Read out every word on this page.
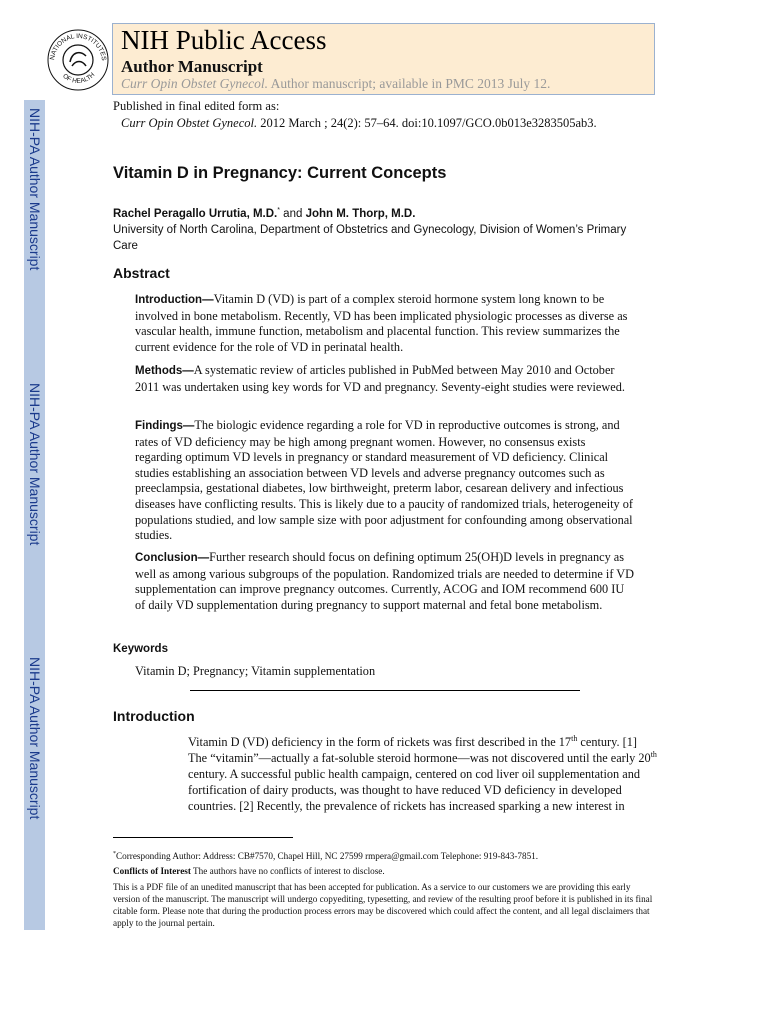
NIH-PA Author Manuscript
NIH-PA Author Manuscript
NIH-PA Author Manuscript
NATIONAL INSTITUTES
OF HEALTH
NIH Public Access
Author Manuscript
Curr Opin Obstet Gynecol. Author manuscript; available in PMC 2013 July 12.
Published in final edited form as:
Curr Opin Obstet Gynecol. 2012 March ; 24(2): 57–64. doi:10.1097/GCO.0b013e3283505ab3.
Vitamin D in Pregnancy: Current Concepts
Rachel Peragallo Urrutia, M.D.* and John M. Thorp, M.D.
University of North Carolina, Department of Obstetrics and Gynecology, Division of Women’s Primary Care
Abstract
Introduction—Vitamin D (VD) is part of a complex steroid hormone system long known to be involved in bone metabolism. Recently, VD has been implicated physiologic processes as diverse as vascular health, immune function, metabolism and placental function. This review summarizes the current evidence for the role of VD in perinatal health.
Methods—A systematic review of articles published in PubMed between May 2010 and October 2011 was undertaken using key words for VD and pregnancy. Seventy-eight studies were reviewed.
Findings—The biologic evidence regarding a role for VD in reproductive outcomes is strong, and rates of VD deficiency may be high among pregnant women. However, no consensus exists regarding optimum VD levels in pregnancy or standard measurement of VD deficiency. Clinical studies establishing an association between VD levels and adverse pregnancy outcomes such as preeclampsia, gestational diabetes, low birthweight, preterm labor, cesarean delivery and infectious diseases have conflicting results. This is likely due to a paucity of randomized trials, heterogeneity of populations studied, and low sample size with poor adjustment for confounding among observational studies.
Conclusion—Further research should focus on defining optimum 25(OH)D levels in pregnancy as well as among various subgroups of the population. Randomized trials are needed to determine if VD supplementation can improve pregnancy outcomes. Currently, ACOG and IOM recommend 600 IU of daily VD supplementation during pregnancy to support maternal and fetal bone metabolism.
Keywords
Vitamin D; Pregnancy; Vitamin supplementation
Introduction
Vitamin D (VD) deficiency in the form of rickets was first described in the 17th century. [1] The “vitamin”—actually a fat-soluble steroid hormone—was not discovered until the early 20th century. A successful public health campaign, centered on cod liver oil supplementation and fortification of dairy products, was thought to have reduced VD deficiency in developed countries. [2] Recently, the prevalence of rickets has increased sparking a new interest in
*Corresponding Author: Address: CB#7570, Chapel Hill, NC 27599 rmpera@gmail.com Telephone: 919-843-7851.
Conflicts of Interest The authors have no conflicts of interest to disclose.
This is a PDF file of an unedited manuscript that has been accepted for publication. As a service to our customers we are providing this early version of the manuscript. The manuscript will undergo copyediting, typesetting, and review of the resulting proof before it is published in its final citable form. Please note that during the production process errors may be discovered which could affect the content, and all legal disclaimers that apply to the journal pertain.
